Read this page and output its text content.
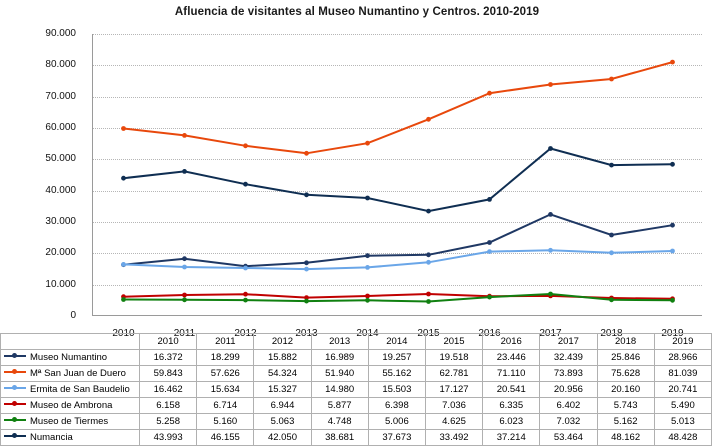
Afluencia de visitantes al Museo Numantino y Centros. 2010-2019
0
10.000
20.000
30.000
40.000
50.000
60.000
70.000
80.000
90.000
2010	2011	2012	2013	2014	2015	2016	2017	2018	2019
	2010	2011	2012	2013	2014	2015	2016	2017	2018	2019
Museo Numantino	16.372	18.299	15.882	16.989	19.257	19.518	23.446	32.439	25.846	28.966
Mª San Juan de Duero	59.843	57.626	54.324	51.940	55.162	62.781	71.110	73.893	75.628	81.039
Ermita de San Baudelio	16.462	15.634	15.327	14.980	15.503	17.127	20.541	20.956	20.160	20.741
Museo de Ambrona	6.158	6.714	6.944	5.877	6.398	7.036	6.335	6.402	5.743	5.490
Museo de Tiermes	5.258	5.160	5.063	4.748	5.006	4.625	6.023	7.032	5.162	5.013
Numancia	43.993	46.155	42.050	38.681	37.673	33.492	37.214	53.464	48.162	48.428
